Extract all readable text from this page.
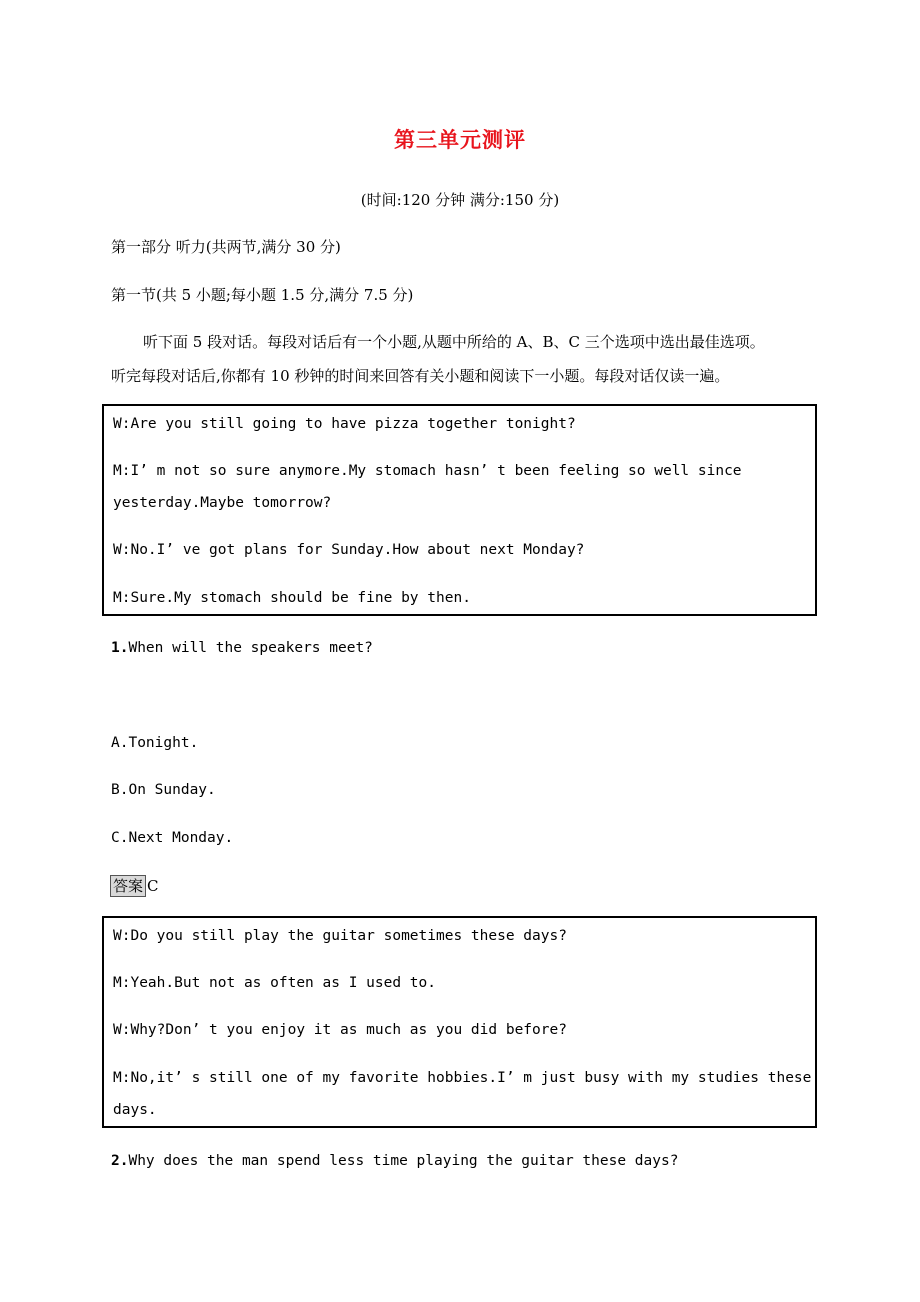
第三单元测评
(时间:120 分钟 满分:150 分)
第一部分 听力(共两节,满分 30 分)
第一节(共 5 小题;每小题 1.5 分,满分 7.5 分)
听下面 5 段对话。每段对话后有一个小题,从题中所给的 A、B、C 三个选项中选出最佳选项。
听完每段对话后,你都有 10 秒钟的时间来回答有关小题和阅读下一小题。每段对话仅读一遍。
W:Are you still going to have pizza together tonight?
M:I’ m not so sure anymore.My stomach hasn’ t been feeling so well since
yesterday.Maybe tomorrow?
W:No.I’ ve got plans for Sunday.How about next Monday?
M:Sure.My stomach should be fine by then.
1.When will the speakers meet?
A.Tonight.
B.On Sunday.
C.Next Monday.
答案 C
W:Do you still play the guitar sometimes these days?
M:Yeah.But not as often as I used to.
W:Why?Don’ t you enjoy it as much as you did before?
M:No,it’ s still one of my favorite hobbies.I’ m just busy with my studies these
days.
2.Why does the man spend less time playing the guitar these days?
